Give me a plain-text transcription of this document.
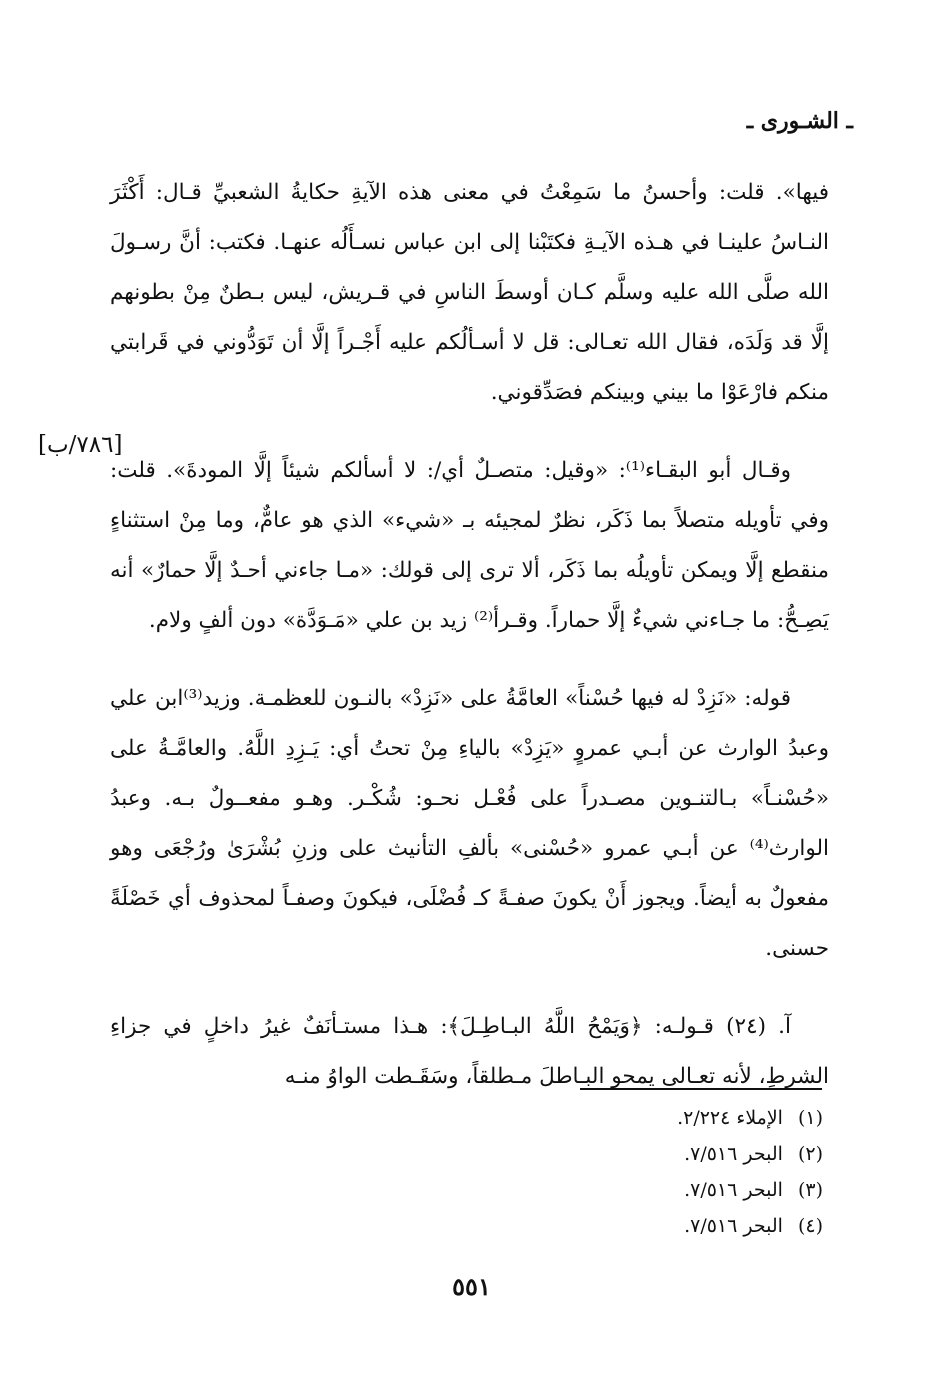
ـ الشـورى ـ
[٧٨٦/ب]

فيها». قلت: وأحسنُ ما سَمِعْتُ في معنى هذه الآيةِ حكايةُ الشعبيِّ قـال: أَكْثَرَ النـاسُ علينـا في هـذه الآيـةِ فكتَبْنا إلى ابن عباس نسـأَلُه عنهـا. فكتب: أنَّ رسـولَ الله صلَّى الله عليه وسلَّم كـان أوسطَ الناسِ في قـريش، ليس بـطنٌ مِنْ بطونهم إلَّا قد وَلَدَه، فقال الله تعـالى: قل لا أسـألُكم عليه أَجْـراً إلَّا أن تَوَدُّوني في قَرابتي منكم فارْعَوْا ما بيني وبينكم فصَدِّقوني.

وقـال أبو البقـاء⁽¹⁾: «وقيل: متصـلٌ أي/: لا أسألكم شيئاً إلَّا المودةَ». قلت: وفي تأويله متصلاً بما ذَكَر، نظرٌ لمجيئه بـ «شيء» الذي هو عامٌّ، وما مِنْ استثناءٍ منقطع إلَّا ويمكن تأويلُه بما ذَكَر، ألا ترى إلى قولك: «مـا جاءني أحـدٌ إلَّا حمارٌ» أنه يَصِـحُّ: ما جـاءني شيءٌ إلَّا حماراً. وقـرأ⁽²⁾ زيد بن علي «مَـوَدَّة» دون ألفٍ ولام.

قوله: «نَزِدْ له فيها حُسْناً» العامَّةُ على «نَزِدْ» بالنـون للعظمـة. وزيد⁽³⁾ابن علي وعبدُ الوارث عن أبـي عمروٍ «يَزِدْ» بالياءِ مِنْ تحتُ أي: يَـزِدِ اللَّهُ. والعامَّـةُ على «حُسْنـاً» بـالتنـوين مصـدراً على فُعْـل نحـو: شُكْـر. وهـو مفعــولٌ بـه. وعبدُ الوارث⁽⁴⁾ عن أبـي عمرو «حُسْنى» بألفِ التأنيث على وزنِ بُشْرَىٰ ورُجْعَى وهو مفعولٌ به أيضاً. ويجوز أَنْ يكونَ صفـةً كـ فُضْلَى، فيكونَ وصفـاً لمحذوف أي خَصْلَةً حسنى.

آ. (٢٤) قـولـه: ﴿وَيَمْحُ اللَّهُ البـاطِـلَ﴾: هـذا مستـأنَفٌ غيرُ داخلٍ في جزاءِ الشرطِ، لأنه تعـالى يمحو البـاطلَ مـطلقاً، وسَقَـطت الواوُ منـه

(١) الإملاء ٢/٢٢٤.
(٢) البحر ٧/٥١٦.
(٣) البحر ٧/٥١٦.
(٤) البحر ٧/٥١٦.
٥٥١
